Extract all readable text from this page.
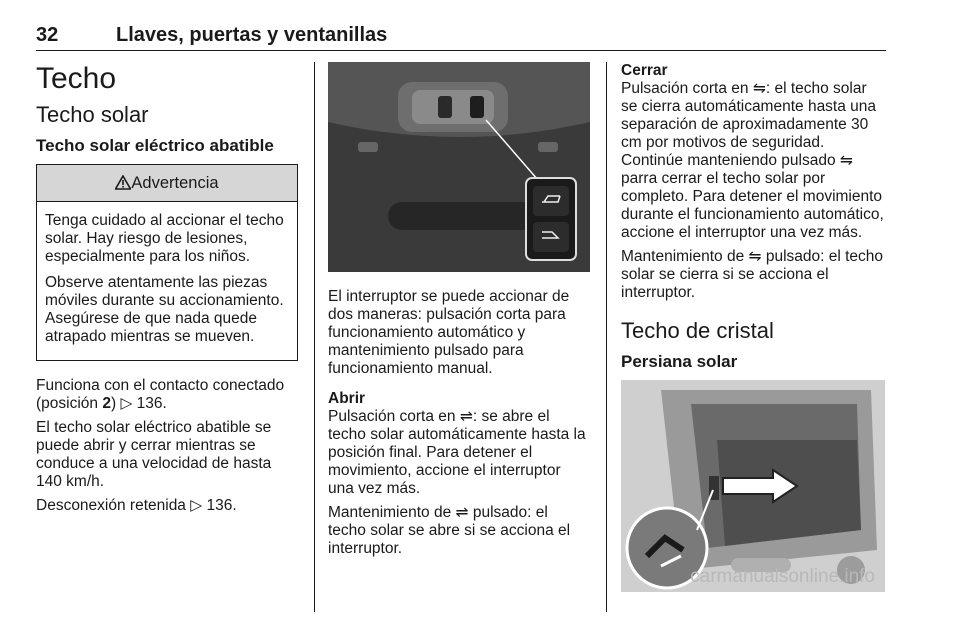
32	Llaves, puertas y ventanillas
Techo
Techo solar
Techo solar eléctrico abatible
Advertencia

Tenga cuidado al accionar el techo solar. Hay riesgo de lesiones, especialmente para los niños.

Observe atentamente las piezas móviles durante su accionamiento. Asegúrese de que nada quede atrapado mientras se mueven.

Funciona con el contacto conectado (posición 2) ▷ 136.

El techo solar eléctrico abatible se puede abrir y cerrar mientras se conduce a una velocidad de hasta 140 km/h.

Desconexión retenida ▷ 136.

El interruptor se puede accionar de dos maneras: pulsación corta para funcionamiento automático y mantenimiento pulsado para funcionamiento manual.

Abrir

Pulsación corta en ⇌: se abre el techo solar automáticamente hasta la posición final. Para detener el movimiento, accione el interruptor una vez más.

Mantenimiento de ⇌ pulsado: el techo solar se abre si se acciona el interruptor.

Cerrar

Pulsación corta en ⇋: el techo solar se cierra automáticamente hasta una separación de aproximadamente 30 cm por motivos de seguridad. Continúe manteniendo pulsado ⇋ parra cerrar el techo solar por completo. Para detener el movimiento durante el funcionamiento automático, accione el interruptor una vez más.

Mantenimiento de ⇋ pulsado: el techo solar se cierra si se acciona el interruptor.

Techo de cristal
Persiana solar
carmanualsonline.info
